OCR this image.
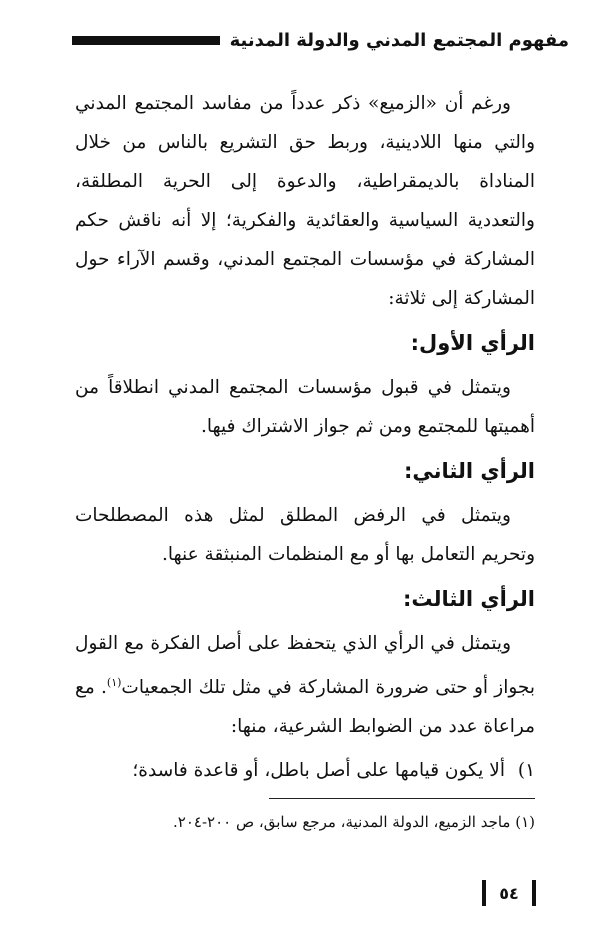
مفهوم المجتمع المدني والدولة المدنية

ورغم أن «الزميع» ذكر عدداً من مفاسد المجتمع المدني والتي منها اللادينية، وربط حق التشريع بالناس من خلال المناداة بالديمقراطية، والدعوة إلى الحرية المطلقة، والتعددية السياسية والعقائدية والفكرية؛ إلا أنه ناقش حكم المشاركة في مؤسسات المجتمع المدني، وقسم الآراء حول المشاركة إلى ثلاثة:

الرأي الأول:

ويتمثل في قبول مؤسسات المجتمع المدني انطلاقاً من أهميتها للمجتمع ومن ثم جواز الاشتراك فيها.

الرأي الثاني:

ويتمثل في الرفض المطلق لمثل هذه المصطلحات وتحريم التعامل بها أو مع المنظمات المنبثقة عنها.

الرأي الثالث:

ويتمثل في الرأي الذي يتحفظ على أصل الفكرة مع القول بجواز أو حتى ضرورة المشاركة في مثل تلك الجمعيات$^{(١)}$. مع مراعاة عدد من الضوابط الشرعية، منها:

١)
ألا يكون قيامها على أصل باطل، أو قاعدة فاسدة؛
(١) ماجد الزميع، الدولة المدنية، مرجع سابق، ص ٢٠٠-٢٠٤.
٥٤
